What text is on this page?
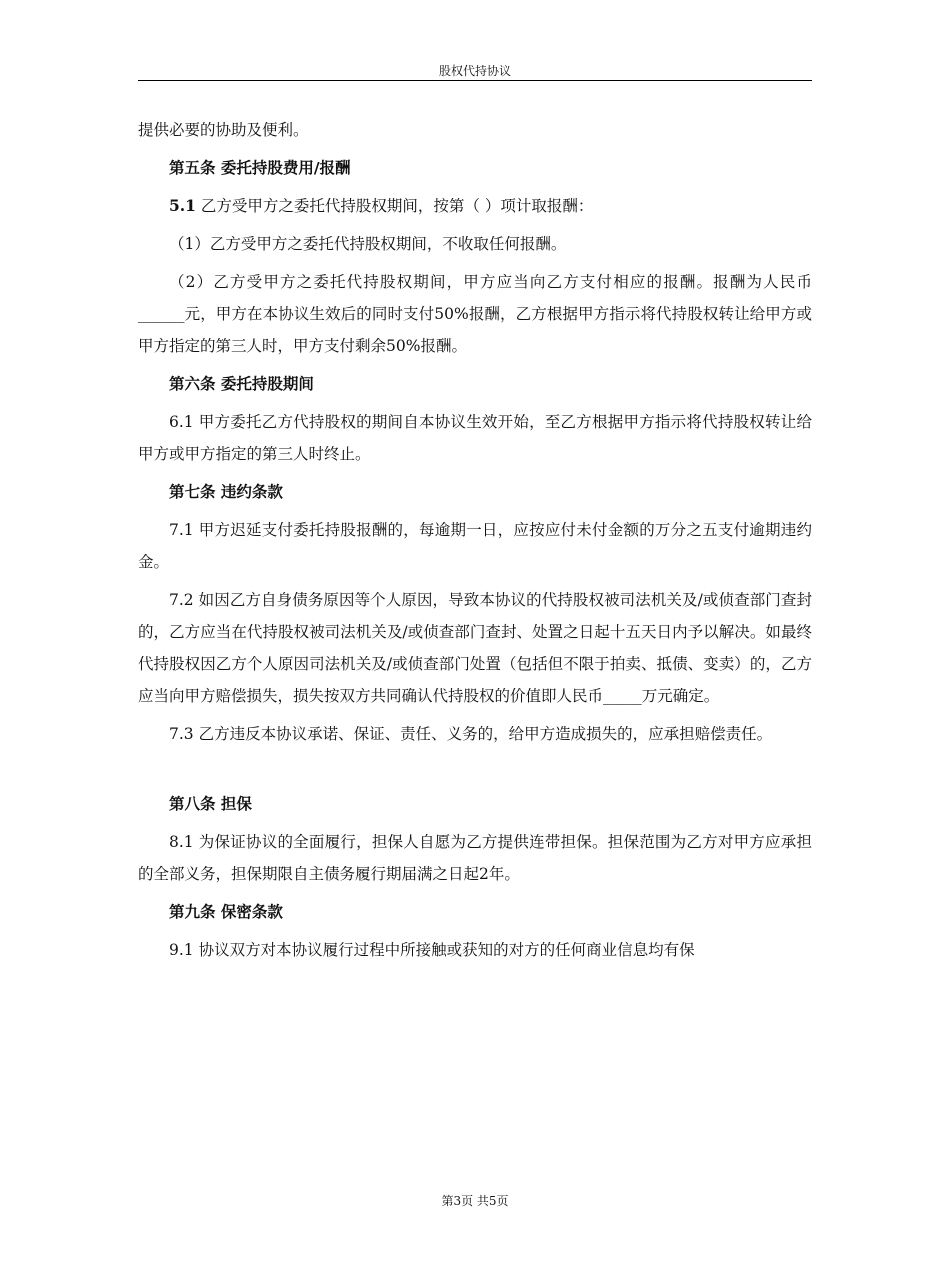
股权代持协议
提供必要的协助及便利。
第五条 委托持股费用/报酬
5.1 乙方受甲方之委托代持股权期间，按第（ ）项计取报酬：
（1）乙方受甲方之委托代持股权期间，不收取任何报酬。
（2）乙方受甲方之委托代持股权期间，甲方应当向乙方支付相应的报酬。报酬为人民币______元，甲方在本协议生效后的同时支付50%报酬，乙方根据甲方指示将代持股权转让给甲方或甲方指定的第三人时，甲方支付剩余50%报酬。
第六条 委托持股期间
6.1 甲方委托乙方代持股权的期间自本协议生效开始，至乙方根据甲方指示将代持股权转让给甲方或甲方指定的第三人时终止。
第七条 违约条款
7.1 甲方迟延支付委托持股报酬的，每逾期一日，应按应付未付金额的万分之五支付逾期违约金。
7.2 如因乙方自身债务原因等个人原因，导致本协议的代持股权被司法机关及/或侦查部门查封的，乙方应当在代持股权被司法机关及/或侦查部门查封、处置之日起十五天日内予以解决。如最终代持股权因乙方个人原因司法机关及/或侦查部门处置（包括但不限于拍卖、抵债、变卖）的，乙方应当向甲方赔偿损失，损失按双方共同确认代持股权的价值即人民币_____万元确定。
7.3 乙方违反本协议承诺、保证、责任、义务的，给甲方造成损失的，应承担赔偿责任。
第八条 担保
8.1 为保证协议的全面履行，担保人自愿为乙方提供连带担保。担保范围为乙方对甲方应承担的全部义务，担保期限自主债务履行期届满之日起2年。
第九条 保密条款
9.1 协议双方对本协议履行过程中所接触或获知的对方的任何商业信息均有保
第3页 共5页
